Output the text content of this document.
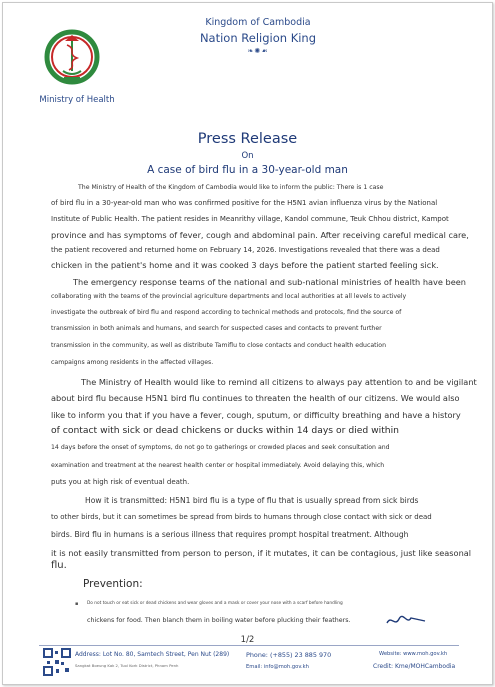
Kingdom of Cambodia
Nation Religion King
❧✺☙
Ministry of Health
Press Release
On
A case of bird flu in a 30-year-old man
The Ministry of Health of the Kingdom of Cambodia would like to inform the public: There is 1 case
of bird flu in a 30-year-old man who was confirmed positive for the H5N1 avian influenza virus by the National
Institute of Public Health. The patient resides in Meanrithy village, Kandol commune, Teuk Chhou district, Kampot
province and has symptoms of fever, cough and abdominal pain. After receiving careful medical care,
the patient recovered and returned home on February 14, 2026. Investigations revealed that there was a dead
chicken in the patient's home and it was cooked 3 days before the patient started feeling sick.
The emergency response teams of the national and sub-national ministries of health have been
collaborating with the teams of the provincial agriculture departments and local authorities at all levels to actively
investigate the outbreak of bird flu and respond according to technical methods and protocols, find the source of
transmission in both animals and humans, and search for suspected cases and contacts to prevent further
transmission in the community, as well as distribute Tamiflu to close contacts and conduct health education
campaigns among residents in the affected villages.
The Ministry of Health would like to remind all citizens to always pay attention to and be vigilant
about bird flu because H5N1 bird flu continues to threaten the health of our citizens. We would also
like to inform you that if you have a fever, cough, sputum, or difficulty breathing and have a history
of contact with sick or dead chickens or ducks within 14 days or died within
14 days before the onset of symptoms, do not go to gatherings or crowded places and seek consultation and
examination and treatment at the nearest health center or hospital immediately. Avoid delaying this, which
puts you at high risk of eventual death.
How it is transmitted: H5N1 bird flu is a type of flu that is usually spread from sick birds
to other birds, but it can sometimes be spread from birds to humans through close contact with sick or dead
birds. Bird flu in humans is a serious illness that requires prompt hospital treatment. Although
it is not easily transmitted from person to person, if it mutates, it can be contagious, just like seasonal
flu.
Prevention:
▪ Do not touch or eat sick or dead chickens and wear gloves and a mask or cover your nose with a scarf before handling
chickens for food. Then blanch them in boiling water before plucking their feathers.
1/2
Address: Lot No. 80, Samtech Street, Pen Nut (289)
Sangkat Boeung Kak 2, Tuol Kork District, Phnom Penh
Phone: (+855) 23 885 970
Email: info@moh.gov.kh
Website: www.moh.gov.kh
Credit: Kme/MOHCambodia
